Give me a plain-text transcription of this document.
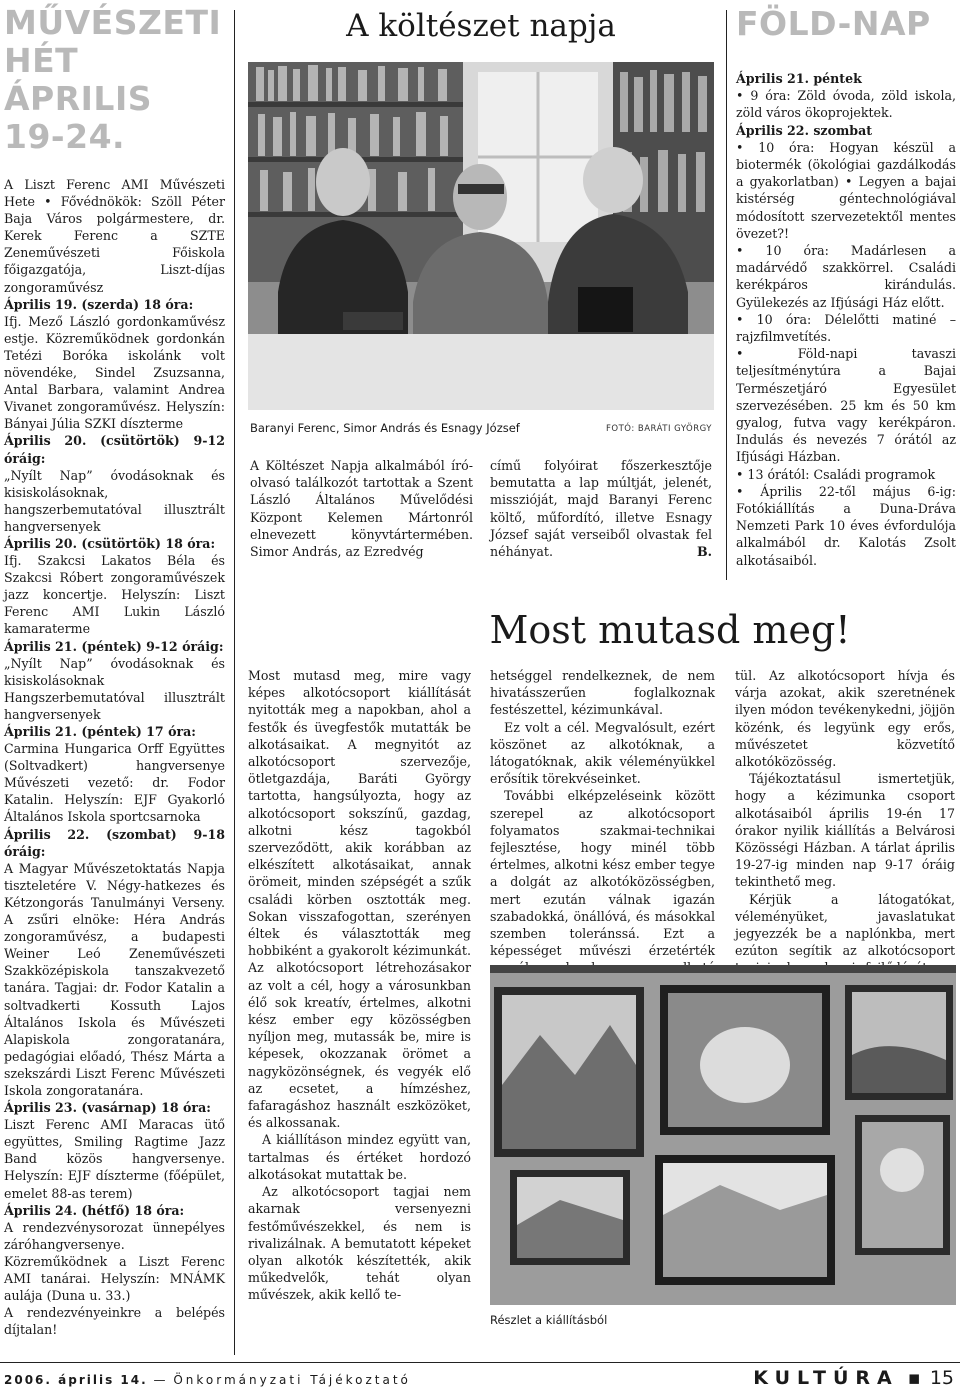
MŰVÉSZETI
HÉT
ÁPRILIS 19-24.

A Liszt Ferenc AMI Művészeti Hete • Fővédnökök: Szöll Péter Baja Város polgármestere, dr. Kerek Ferenc a SZTE Zeneművészeti Főiskola főigazgatója, Liszt-díjas zongoraművész

Április 19. (szerda) 18 óra:

Ifj. Mező László gordonkaművész estje. Közreműködnek gordonkán Tetézi Boróka iskolánk volt növendéke, Sindel Zsuzsanna, Antal Barbara, valamint Andrea Vivanet zongoraművész. Helyszín: Bányai Júlia SZKI díszterme

Április 20. (csütörtök) 9-12 óráig:

„Nyílt Nap” óvodásoknak és kisiskolásoknak, hangszerbemutatóval illusztrált hangversenyek

Április 20. (csütörtök) 18 óra:

Ifj. Szakcsi Lakatos Béla és Szakcsi Róbert zongoraművészek jazz koncertje. Helyszín: Liszt Ferenc AMI Lukin László kamaraterme

Április 21. (péntek) 9-12 óráig:

„Nyílt Nap” óvodásoknak és kisiskolásoknak Hangszerbemutatóval illusztrált hangversenyek

Április 21. (péntek) 17 óra:

Carmina Hungarica Orff Együttes (Soltvadkert) hangversenye Művészeti vezető: dr. Fodor Katalin. Helyszín: EJF Gyakorló Általános Iskola sportcsarnoka

Április 22. (szombat) 9-18 óráig:

A Magyar Művészetoktatás Napja tiszteletére V. Négy-hatkezes és Kétzongorás Tanulmányi Verseny. A zsűri elnöke: Héra András zongoraművész, a budapesti Weiner Leó Zeneművészeti Szakközépiskola tanszakvezető tanára. Tagjai: dr. Fodor Katalin a soltvadkerti Kossuth Lajos Általános Iskola és Művészeti Alapiskola zongoratanára, pedagógiai előadó, Thész Márta a szekszárdi Liszt Ferenc Művészeti Iskola zongoratanára.

Április 23. (vasárnap) 18 óra:

Liszt Ferenc AMI Maracas ütő együttes, Smiling Ragtime Jazz Band közös hangversenye. Helyszín: EJF díszterme (főépület, emelet 88-as terem)

Április 24. (hétfő) 18 óra:

A rendezvénysorozat ünnepélyes záróhangversenye. Közreműködnek a Liszt Ferenc AMI tanárai. Helyszín: MNÁMK aulája (Duna u. 33.)

A rendezvényeinkre a belépés díjtalan!

A költészet napja
Baranyi Ferenc, Simor András és Esnagy József	FOTÓ: BARÁTI GYÖRGY

A Költészet Napja alkalmából író-olvasó találkozót tartottak a Szent László Általános Művelődési Központ Kelemen Mártonról elnevezett könyvtártermében. Simor András, az Ezredvég

című folyóirat főszerkesztője bemutatta a lap múltját, jelenét, misszióját, majd Baranyi Ferenc költő, műfordító, illetve Esnagy József saját verseiből olvastak fel néhányat.	B.

FÖLD-NAP

Április 21. péntek

• 9 óra: Zöld óvoda, zöld iskola, zöld város ökoprojektek.

Április 22. szombat

• 10 óra: Hogyan készül a biotermék (ökológiai gazdálkodás a gyakorlatban) • Legyen a bajai kistérség géntechnológiával módosított szervezetektől mentes övezet?!

• 10 óra: Madárlesen a madárvédő szakkörrel. Családi kerékpáros kirándulás. Gyülekezés az Ifjúsági Ház előtt.

• 10 óra: Délelőtti matiné – rajzfilmvetítés.

• Föld-napi tavaszi teljesítménytúra a Bajai Természetjáró Egyesület szervezésében. 25 km és 50 km gyalog, futva vagy kerékpáron. Indulás és nevezés 7 órától az Ifjúsági Házban.

• 13 órától: Családi programok

• Április 22-től május 6-ig: Fotókiállítás a Duna-Dráva Nemzeti Park 10 éves évfordulója alkalmából dr. Kalotás Zsolt alkotásaiból.

Most mutasd meg!

Most mutasd meg, mire vagy képes alkotócsoport kiállítását nyitották meg a napokban, ahol a festők és üvegfestők mutatták be alkotásaikat. A megnyitót az alkotócsoport szervezője, ötletgazdája, Baráti György tartotta, hangsúlyozta, hogy az alkotócsoport sokszínű, gazdag, alkotni kész tagokból szerveződött, akik korábban az elkészített alkotásaikat, annak örömeit, minden szépségét a szűk családi körben osztották meg. Sokan visszafogottan, szerényen éltek és választották meg hobbiként a gyakorolt kézimunkát. Az alkotócsoport létrehozásakor az volt a cél, hogy a városunkban élő sok kreatív, értelmes, alkotni kész ember egy közösségben nyíljon meg, mutassák be, mire is képesek, okozzanak örömet a nagyközönségnek, és vegyék elő az ecsetet, a hímzéshez, fafaragáshoz használt eszközöket, és alkossanak.

A kiállításon mindez együtt van, tartalmas és értéket hordozó alkotásokat mutattak be.

Az alkotócsoport tagjai nem akarnak versenyezni festőművészekkel, és nem is rivalizálnak. A bemutatott képeket olyan alkotók készítették, akik műkedvelők, tehát olyan művészek, akik kellő te-

hetséggel rendelkeznek, de nem hivatásszerűen foglalkoznak festészettel, kézimunkával.

Ez volt a cél. Megvalósult, ezért köszönet az alkotóknak, a látogatóknak, akik véleményükkel erősítik törekvéseinket.

További elképzeléseink között szerepel az alkotócsoport folyamatos szakmai-technikai fejlesztése, hogy minél több értelmes, alkotni kész ember tegye a dolgát az alkotóközösségben, mert ezután válnak igazán szabadokká, önállóvá, és másokkal szemben toleránssá. Ezt a képességet művészi érzetérték

tül. Az alkotócsoport hívja és várja azokat, akik szeretnének ilyen módon tevékenykedni, jöjjön közénk, és legyünk egy erős, művészetet közvetítő alkotóközösség.

Tájékoztatásul ismertetjük, hogy a kézimunka csoport alkotásaiból április 19-én 17 órakor nyilik kiállítás a Belvárosi Közösségi Házban. A tárlat április 19-27-ig minden nap 9-17 óráig tekinthető meg.

Kérjük a látogatókat, véleményüket, javaslatukat jegyezzék be a naplónkba, mert ezúton segítik az alkotócsoport

Részlet a kiállításból
2006. április 14. — Önkormányzati Tájékoztató	KULTÚRA ▪ 15
